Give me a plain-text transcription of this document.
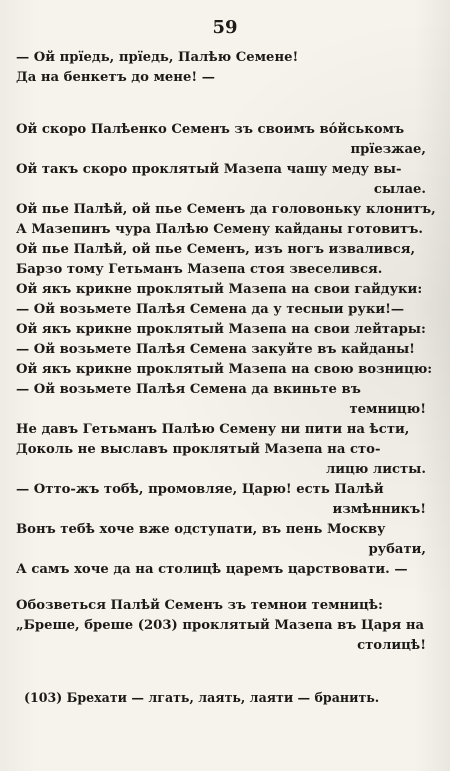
59
— Ой прїедь, прїедь, Палѣю Семене!
Да на бенкетъ до мене! —
Ой скоро Палѣенко Семенъ зъ своимъ вόйськомъ
прїезжае,
Ой такъ скоро проклятый Мазепа чашу меду вы-
сылае.
Ой пье Палѣй, ой пье Семенъ да головоньку клонитъ,
А Мазепинъ чура Палѣю Семену кайданы готовитъ.
Ой пье Палѣй, ой пье Семенъ, изъ ногъ извалився,
Барзо тому Гетьманъ Мазепа стоя звеселився.
Ой якъ крикне проклятый Мазепа на свои гайдуки:
— Ой возьмете Палѣя Семена да у тесныи руки!—
Ой якъ крикне проклятый Мазепа на свои лейтары:
— Ой возьмете Палѣя Семена закуйте въ кайданы!
Ой якъ крикне проклятый Мазепа на свою возницю:
— Ой возьмете Палѣя Семена да вкиньте въ
темницю!
Не давъ Гетьманъ Палѣю Семену ни пити на ѣсти,
Доколь не выславъ проклятый Мазепа на сто-
лицю листы.
— Отто-жъ тобѣ, промовляе, Царю! есть Палѣй
измѣнникъ!
Вонъ тебѣ хоче вже одступати, въ пень Москву
рубати,
А самъ хоче да на столицѣ царемъ царствовати. —
Обозветься Палѣй Семенъ зъ темнои темницѣ:
„Бреше, бреше (203) проклятый Мазепа въ Царя на
столицѣ!
(103) Брехати — лгать, лаять, лаяти — бранить.
